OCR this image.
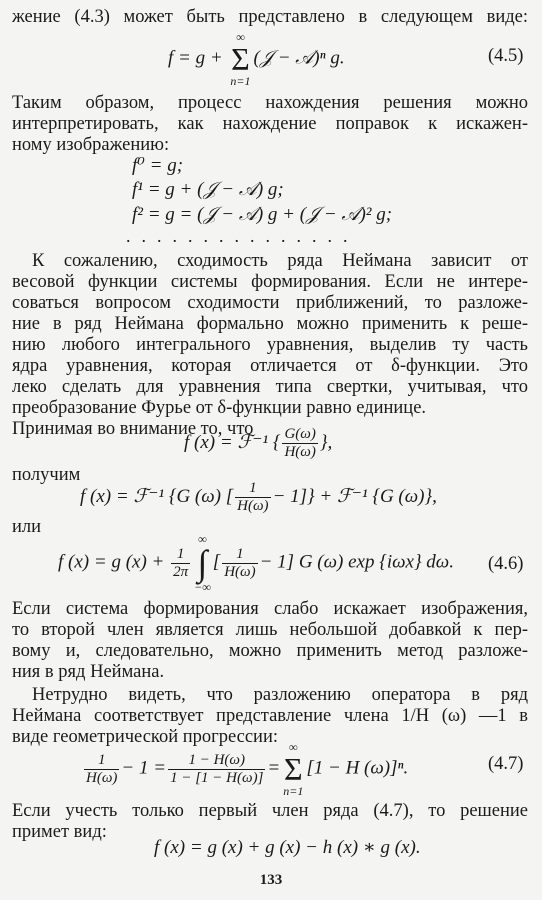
жение (4.3) может быть представлено в следующем виде:
f = g +
∞
Σ
n=1
(𝒥 − 𝒜)ⁿ g.	(4.5)
Таким образом, процесс нахождения решения можно
интерпретировать, как нахождение поправок к искажен-
ному изображению:
f⁰ = g;
f¹ = g + (𝒥 − 𝒜) g;
f² = g = (𝒥 − 𝒜) g + (𝒥 − 𝒜)² g;
...............
К сожалению, сходимость ряда Неймана зависит от
весовой функции системы формирования. Если не интере-
соваться вопросом сходимости приближений, то разложе-
ние в ряд Неймана формально можно применить к реше-
нию любого интегрального уравнения, выделив ту часть
ядра уравнения, которая отличается от δ-функции. Это
леко сделать для уравнения типа свертки, учитывая, что
преобразование Фурье от δ-функции равно единице.
Принимая во внимание то, что
f (x) = ℱ⁻¹ { $\frac{G(\omega)}{H(\omega)}$ },
получим
f (x) = ℱ⁻¹ {G (ω) [ $\frac{1}{H(\omega)} - 1$]} + ℱ⁻¹ {G (ω)},
или
f (x) = g $(x) + \frac{1}{2\pi}$
∞
∫
−∞
[ $\frac{1}{H(\omega)} - 1$] G (ω) exp {iωx} dω. (4.6)
Если система формирования слабо искажает изображения,
то второй член является лишь небольшой добавкой к пер-
вому и, следовательно, можно применить метод разложе-
ния в ряд Неймана.
Нетрудно видеть, что разложению оператора в ряд
Неймана соответствует представление члена 1/H (ω) —1 в
виде геометрической прогрессии:
$\frac{1}{H(\omega)} - 1 = \frac{1 - H(\omega)}{1 - [1 - H(\omega)]}$ =
∞
Σ
n=1
[1 − H (ω)]ⁿ.	(4.7)
Если учесть только первый член ряда (4.7), то решение
примет вид:
f (x) = g (x) + g (x) − h (x) ∗ g (x).
133
